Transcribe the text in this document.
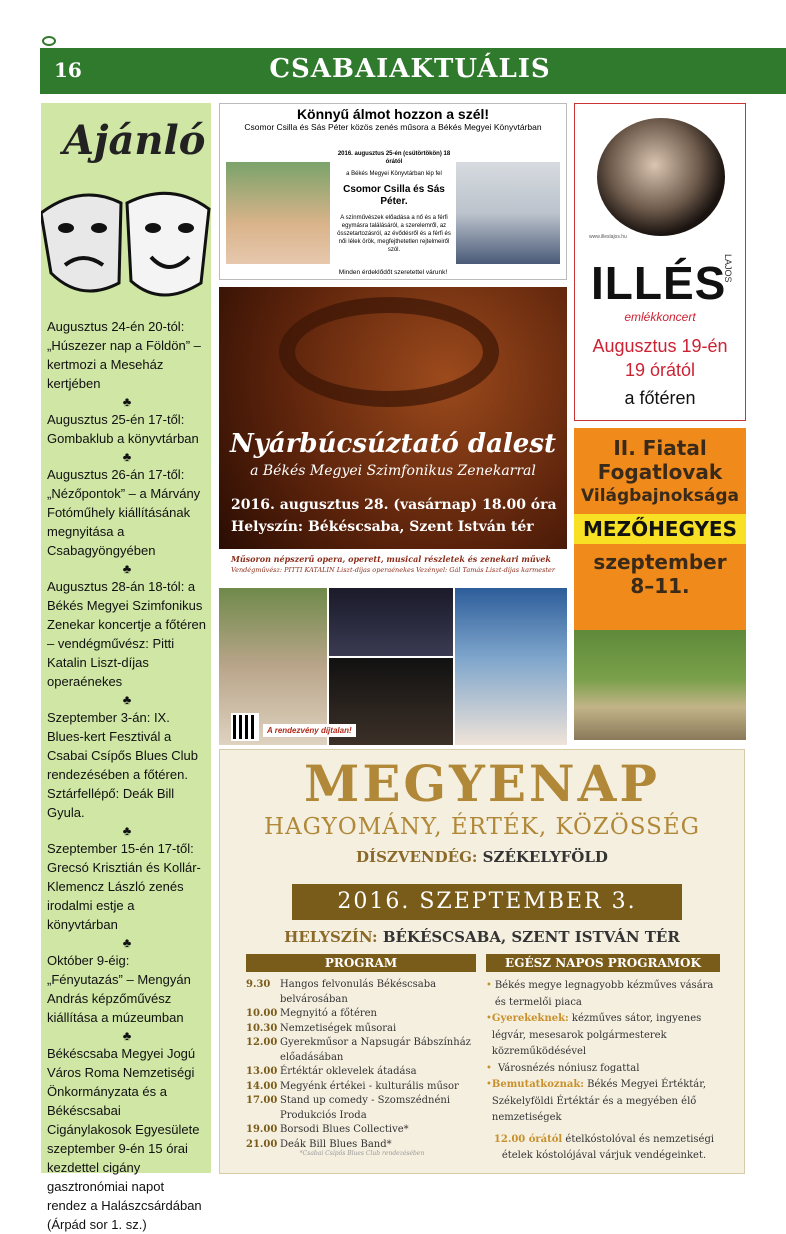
16	CSABAIAKTUÁLIS
Ajánló

Augusztus 24-én 20-tól: „Húszezer nap a Földön” – kertmozi a Meseház kertjében

♣

Augusztus 25-én 17-től: Gombaklub a könyvtárban

♣

Augusztus 26-án 17-től: „Nézőpontok” – a Márvány Fotóműhely kiállításának megnyitása a Csabagyöngyében

♣

Augusztus 28-án 18-tól: a Békés Megyei Szimfonikus Zenekar koncertje a főtéren – vendégművész: Pitti Katalin Liszt-díjas operaénekes

♣

Szeptember 3-án: IX. Blues-kert Fesztivál a Csabai Csípős Blues Club rendezésében a főtéren. Sztárfellépő: Deák Bill Gyula.

♣

Szeptember 15-én 17-től: Grecsó Krisztián és Kollár-Klemencz László zenés irodalmi estje a könyvtárban

♣

Október 9-éig: „Fényutazás” – Mengyán András képzőművész kiállítása a múzeumban

♣

Békéscsaba Megyei Jogú Város Roma Nemzetiségi Önkormányzata és a Békéscsabai Cigánylakosok Egyesülete szeptember 9-én 15 órai kezdettel cigány gasztronómiai napot rendez a Halászcsárdában (Árpád sor 1. sz.)

Könnyű álmot hozzon a szél!
Csomor Csilla és Sás Péter közös zenés műsora a Békés Megyei Könyvtárban
2016. augusztus 25-én (csütörtökön) 18 órától
a Békés Megyei Könyvtárban lép fel
Csomor Csilla és Sás Péter.
A színművészek előadása a nő és a férfi egymásra találásáról, a szerelemről, az összetartozásról, az évődésről és a férfi és női lélek örök, megfejthetetlen rejtelmeiről szól.
Minden érdeklődőt szeretettel várunk!
Nyárbúcsúztató dalest
a Békés Megyei Szimfonikus Zenekarral
2016. augusztus 28. (vasárnap) 18.00 óra
Helyszín: Békéscsaba, Szent István tér
Műsoron népszerű opera, operett, musical részletek és zenekari művek
Vendégművész: PITTI KATALIN Liszt-díjas operaénekes Vezényel: Gál Tamás Liszt-díjas karmester
A rendezvény díjtalan!
www.illeslajos.hu
ILLÉS
LAJOS
emlékkoncert
Augusztus 19-én
19 órától
a főtéren
II. Fiatal
Fogatlovak
Világbajnoksága
MEZŐHEGYES
szeptember
8–11.
MEGYENAP
HAGYOMÁNY, ÉRTÉK, KÖZÖSSÉG
DÍSZVENDÉG: SZÉKELYFÖLD
2016. SZEPTEMBER 3.
HELYSZÍN: BÉKÉSCSABA, SZENT ISTVÁN TÉR
PROGRAM	EGÉSZ NAPOS PROGRAMOK
9.30 Hangos felvonulás Békéscsaba belvárosában
10.00 Megnyitó a főtéren
10.30 Nemzetiségek műsorai
12.00 Gyerekműsor a Napsugár Bábszínház előadásában
13.00 Értéktár oklevelek átadása
14.00 Megyénk értékei - kulturális műsor
17.00 Stand up comedy - Szomszédnéni Produkciós Iroda
19.00 Borsodi Blues Collective*
21.00 Deák Bill Blues Band*
*Csabai Csípős Blues Club rendezésében
• Békés megye legnagyobb kézműves vására és termelői piaca
• Gyerekeknek: kézműves sátor, ingyenes légvár, mesesarok polgármesterek közreműködésével
• Városnézés nóniusz fogattal
• Bemutatkoznak: Békés Megyei Értéktár, Székelyföldi Értéktár és a megyében élő nemzetiségek
12.00 órától ételkóstolóval és nemzetiségi ételek kóstolójával várjuk vendégeinket.
